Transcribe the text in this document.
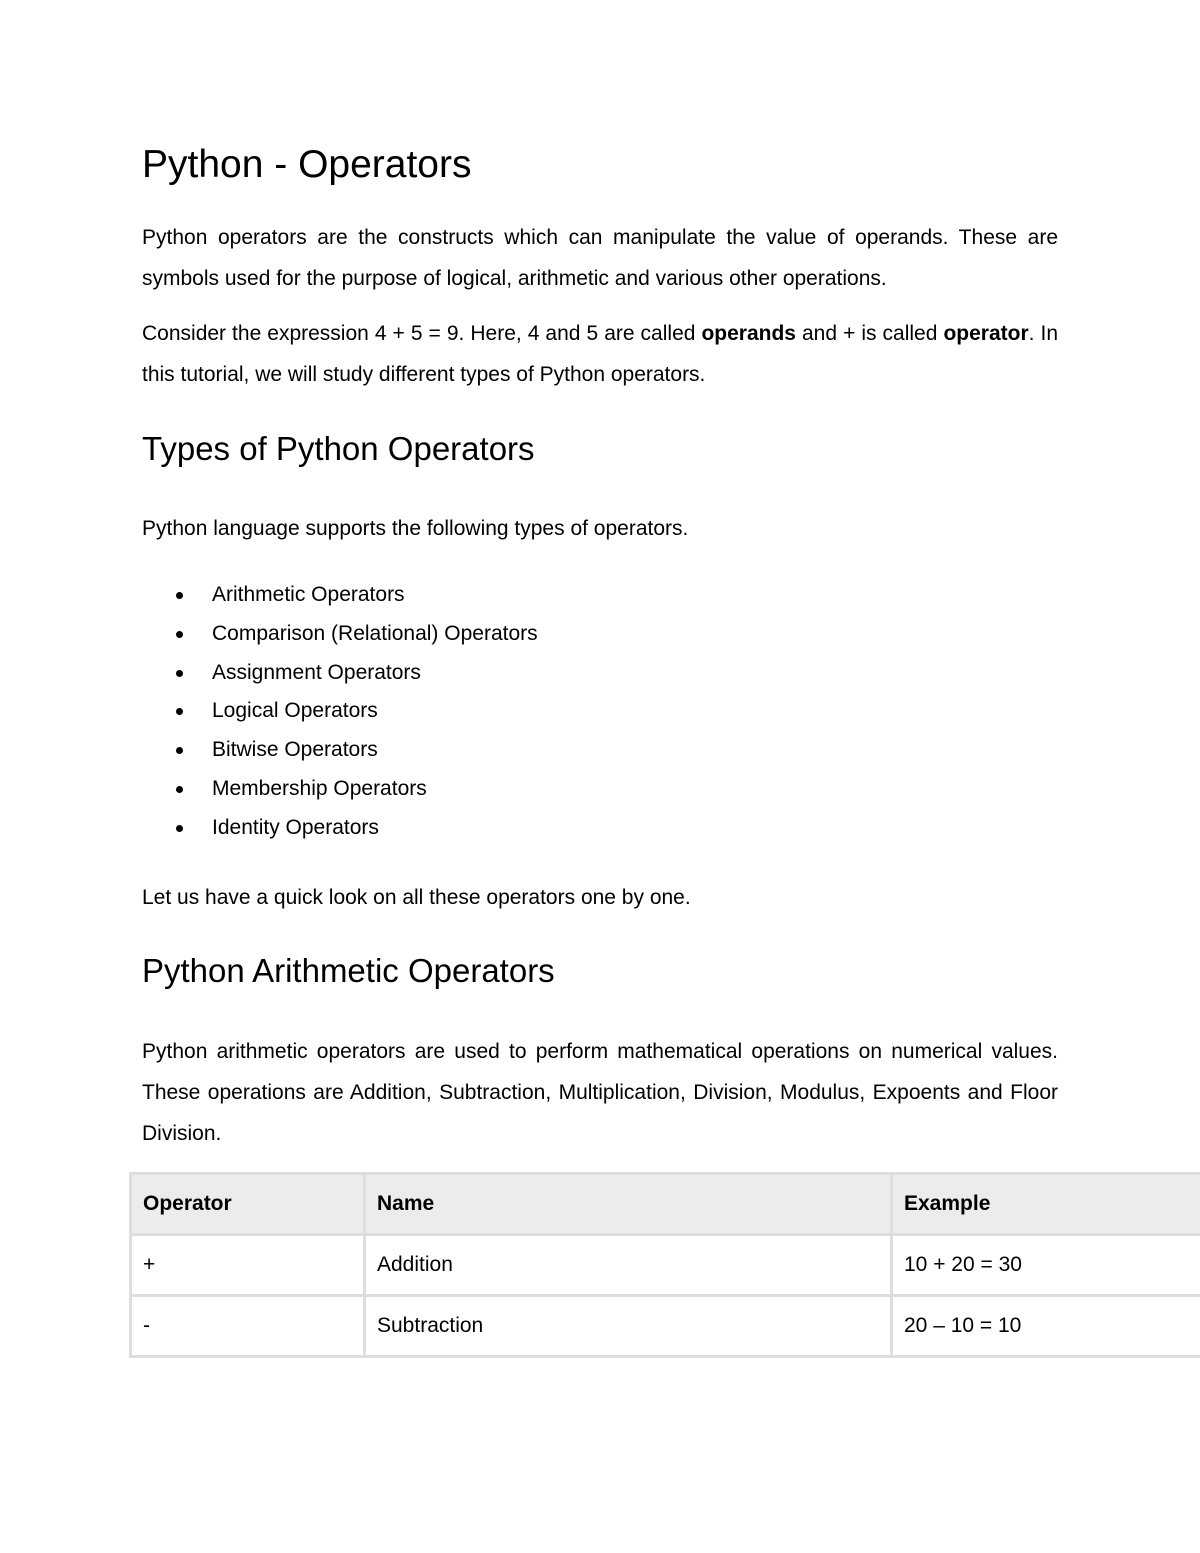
Python - Operators

Python operators are the constructs which can manipulate the value of operands. These are symbols used for the purpose of logical, arithmetic and various other operations.

Consider the expression 4 + 5 = 9. Here, 4 and 5 are called operands and + is called operator. In this tutorial, we will study different types of Python operators.

Types of Python Operators

Python language supports the following types of operators.

Arithmetic Operators
Comparison (Relational) Operators
Assignment Operators
Logical Operators
Bitwise Operators
Membership Operators
Identity Operators

Let us have a quick look on all these operators one by one.

Python Arithmetic Operators

Python arithmetic operators are used to perform mathematical operations on numerical values. These operations are Addition, Subtraction, Multiplication, Division, Modulus, Expoents and Floor Division.

Operator	Name	Example
+	Addition	10 + 20 = 30
-	Subtraction	20 – 10 = 10
